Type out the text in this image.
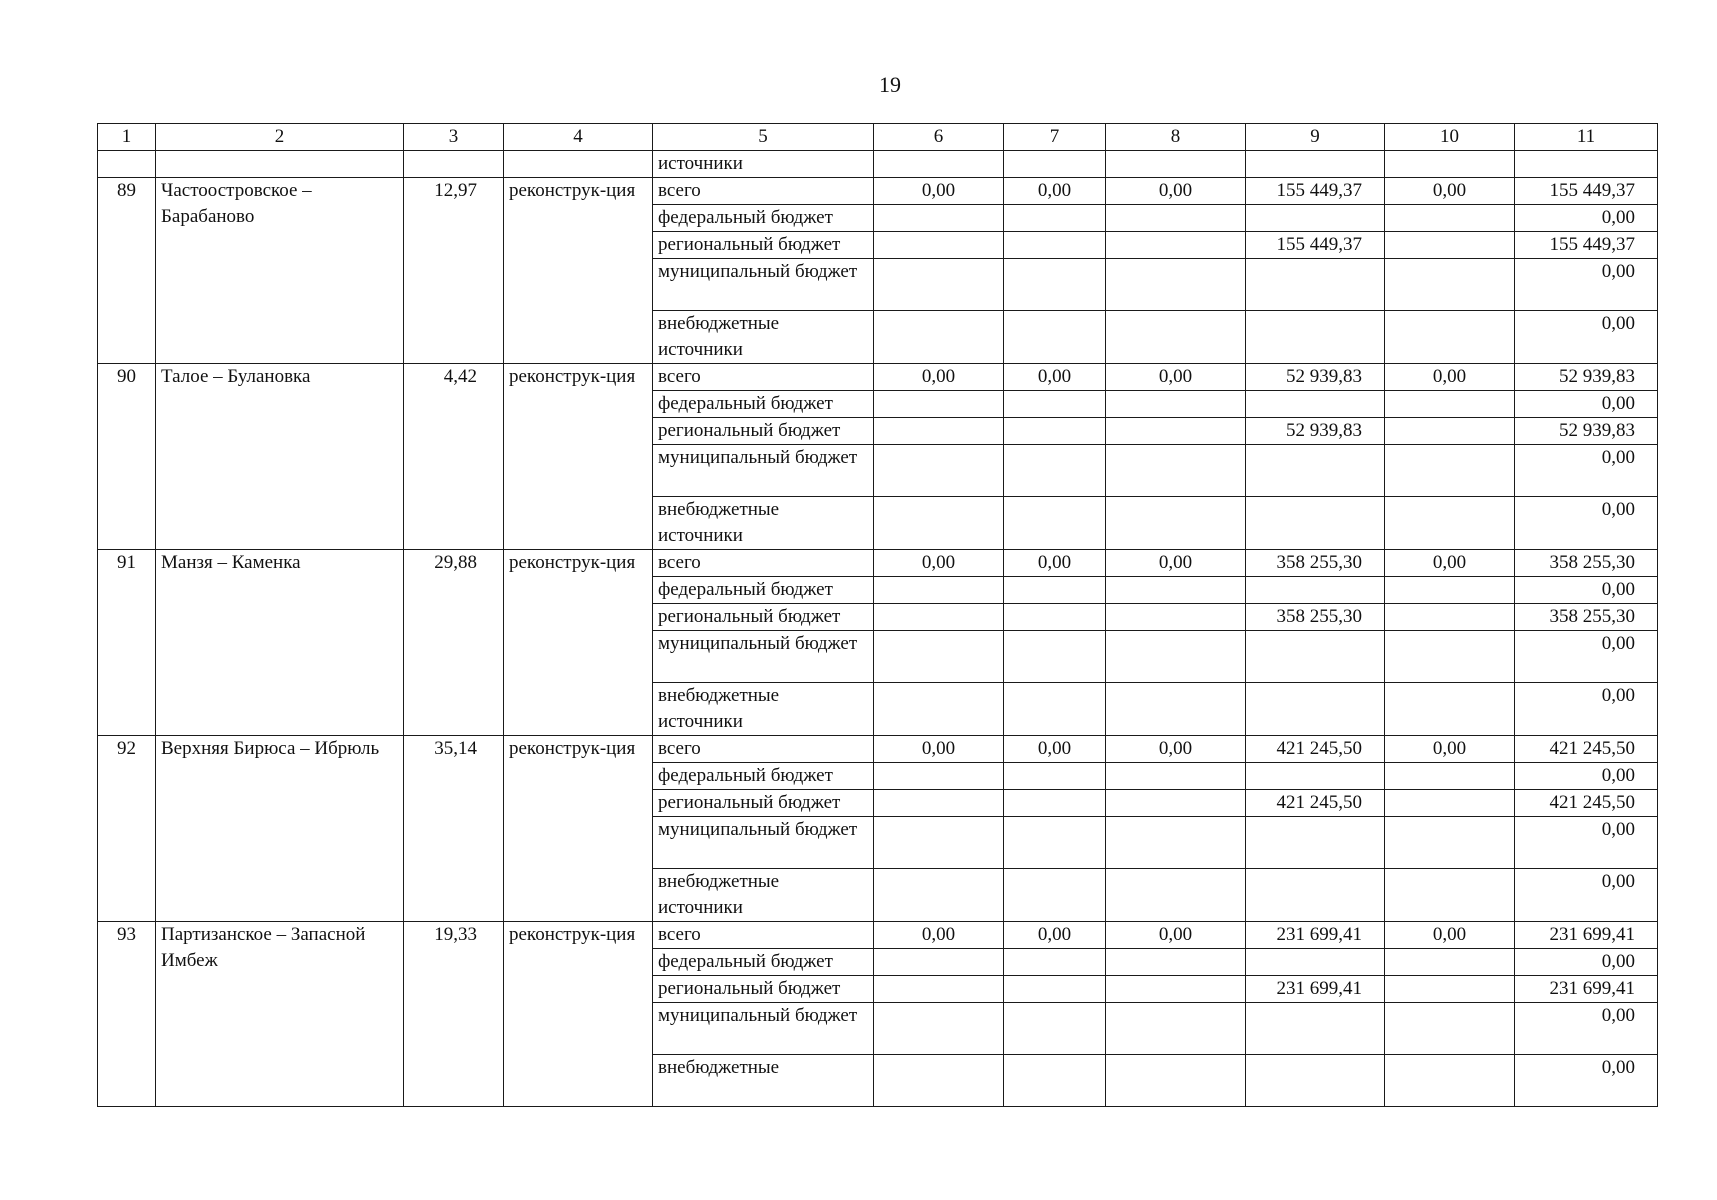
19
1	2	3	4	5	6	7	8	9	10	11
				источники						
89	Частоостровское – Барабаново	12,97	реконструк-ция	всего	0,00	0,00	0,00	155 449,37	0,00	155 449,37
				федеральный бюджет						0,00
				региональный бюджет				155 449,37		155 449,37
				муниципальный бюджет						0,00
				внебюджетные источники						0,00
90	Талое – Булановка	4,42	реконструк-ция	всего	0,00	0,00	0,00	52 939,83	0,00	52 939,83
				федеральный бюджет						0,00
				региональный бюджет				52 939,83		52 939,83
				муниципальный бюджет						0,00
				внебюджетные источники						0,00
91	Манзя – Каменка	29,88	реконструк-ция	всего	0,00	0,00	0,00	358 255,30	0,00	358 255,30
				федеральный бюджет						0,00
				региональный бюджет				358 255,30		358 255,30
				муниципальный бюджет						0,00
				внебюджетные источники						0,00
92	Верхняя Бирюса – Ибрюль	35,14	реконструк-ция	всего	0,00	0,00	0,00	421 245,50	0,00	421 245,50
				федеральный бюджет						0,00
				региональный бюджет				421 245,50		421 245,50
				муниципальный бюджет						0,00
				внебюджетные источники						0,00
93	Партизанское – Запасной Имбеж	19,33	реконструк-ция	всего	0,00	0,00	0,00	231 699,41	0,00	231 699,41
				федеральный бюджет						0,00
				региональный бюджет				231 699,41		231 699,41
				муниципальный бюджет						0,00
				внебюджетные						0,00
